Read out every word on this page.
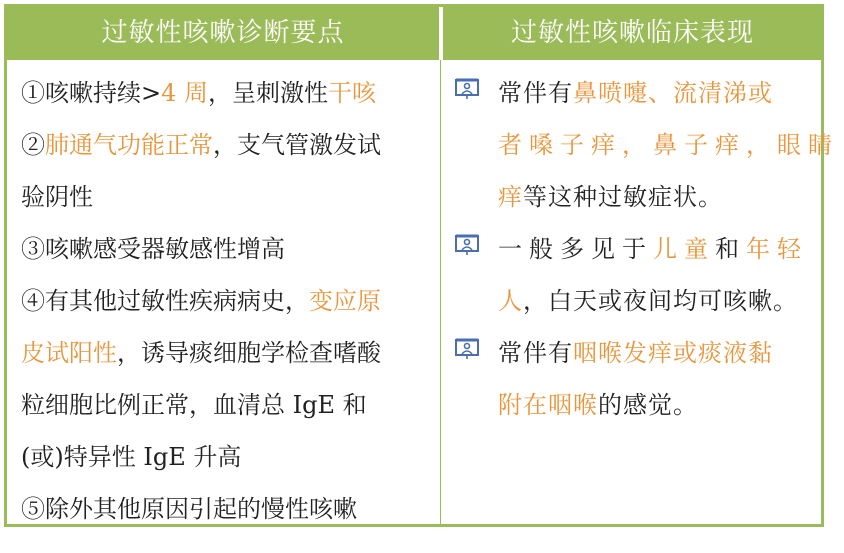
过敏性咳嗽诊断要点	过敏性咳嗽临床表现
①咳嗽持续>4 周，呈刺激性干咳
②肺通气功能正常，支气管激发试
验阴性
③咳嗽感受器敏感性增高
④有其他过敏性疾病病史，变应原
皮试阳性，诱导痰细胞学检查嗜酸
粒细胞比例正常，血清总 IgE 和
(或)特异性 IgE 升高
⑤除外其他原因引起的慢性咳嗽
常伴有鼻喷嚏、流清涕或
者嗓子痒，鼻子痒，眼睛
痒等这种过敏症状。
一般多见于儿童和年轻
人，白天或夜间均可咳嗽。
常伴有咽喉发痒或痰液黏
附在咽喉的感觉。
